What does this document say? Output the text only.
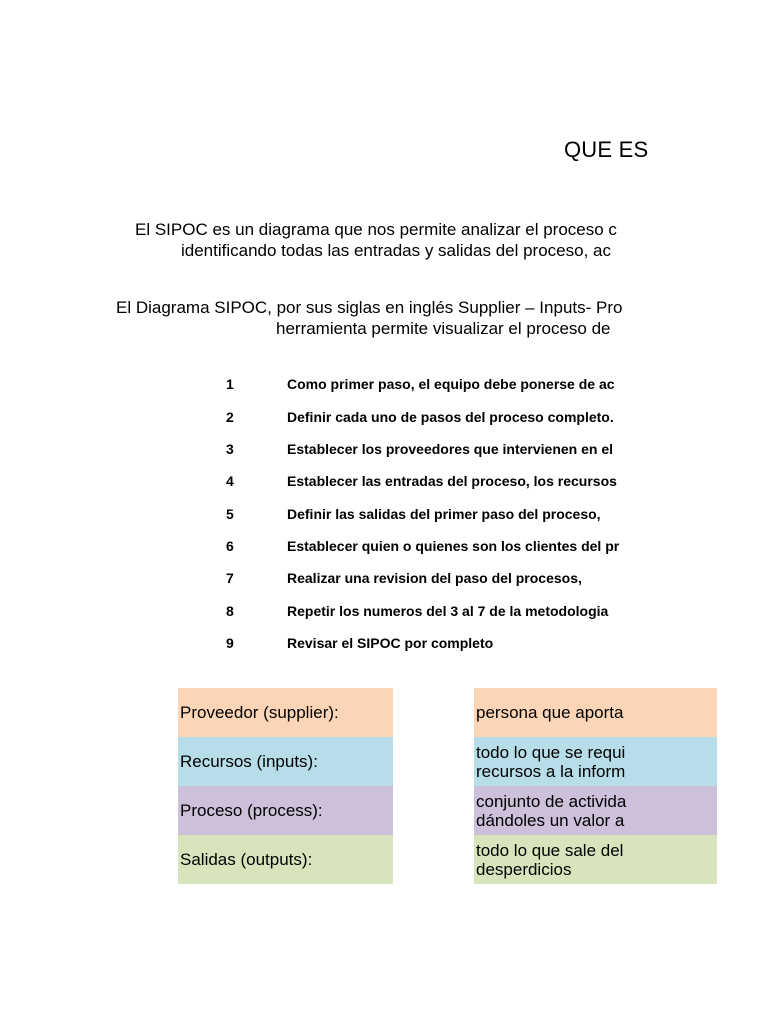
QUE ES
El SIPOC es un diagrama que nos permite analizar el proceso c
identificando todas las entradas y salidas del proceso, ac
El Diagrama SIPOC, por sus siglas en inglés Supplier – Inputs- Pro
herramienta permite visualizar el proceso de
1	Como primer paso, el equipo debe ponerse de ac
2	Definir cada uno de pasos del proceso completo.
3	Establecer los proveedores que intervienen en el
4	Establecer las entradas del proceso, los recursos
5	Definir las salidas del primer paso del proceso,
6	Establecer quien o quienes son los clientes del pr
7	Realizar una revision del paso del procesos,
8	Repetir los numeros del 3 al 7 de la metodologia
9	Revisar el SIPOC por completo
Proveedor (supplier):	persona que aporta
Recursos (inputs):	todo lo que se requi
recursos a la inform
Proceso (process):	conjunto de activida
dándoles un valor a
Salidas (outputs):	todo lo que sale del
desperdicios
